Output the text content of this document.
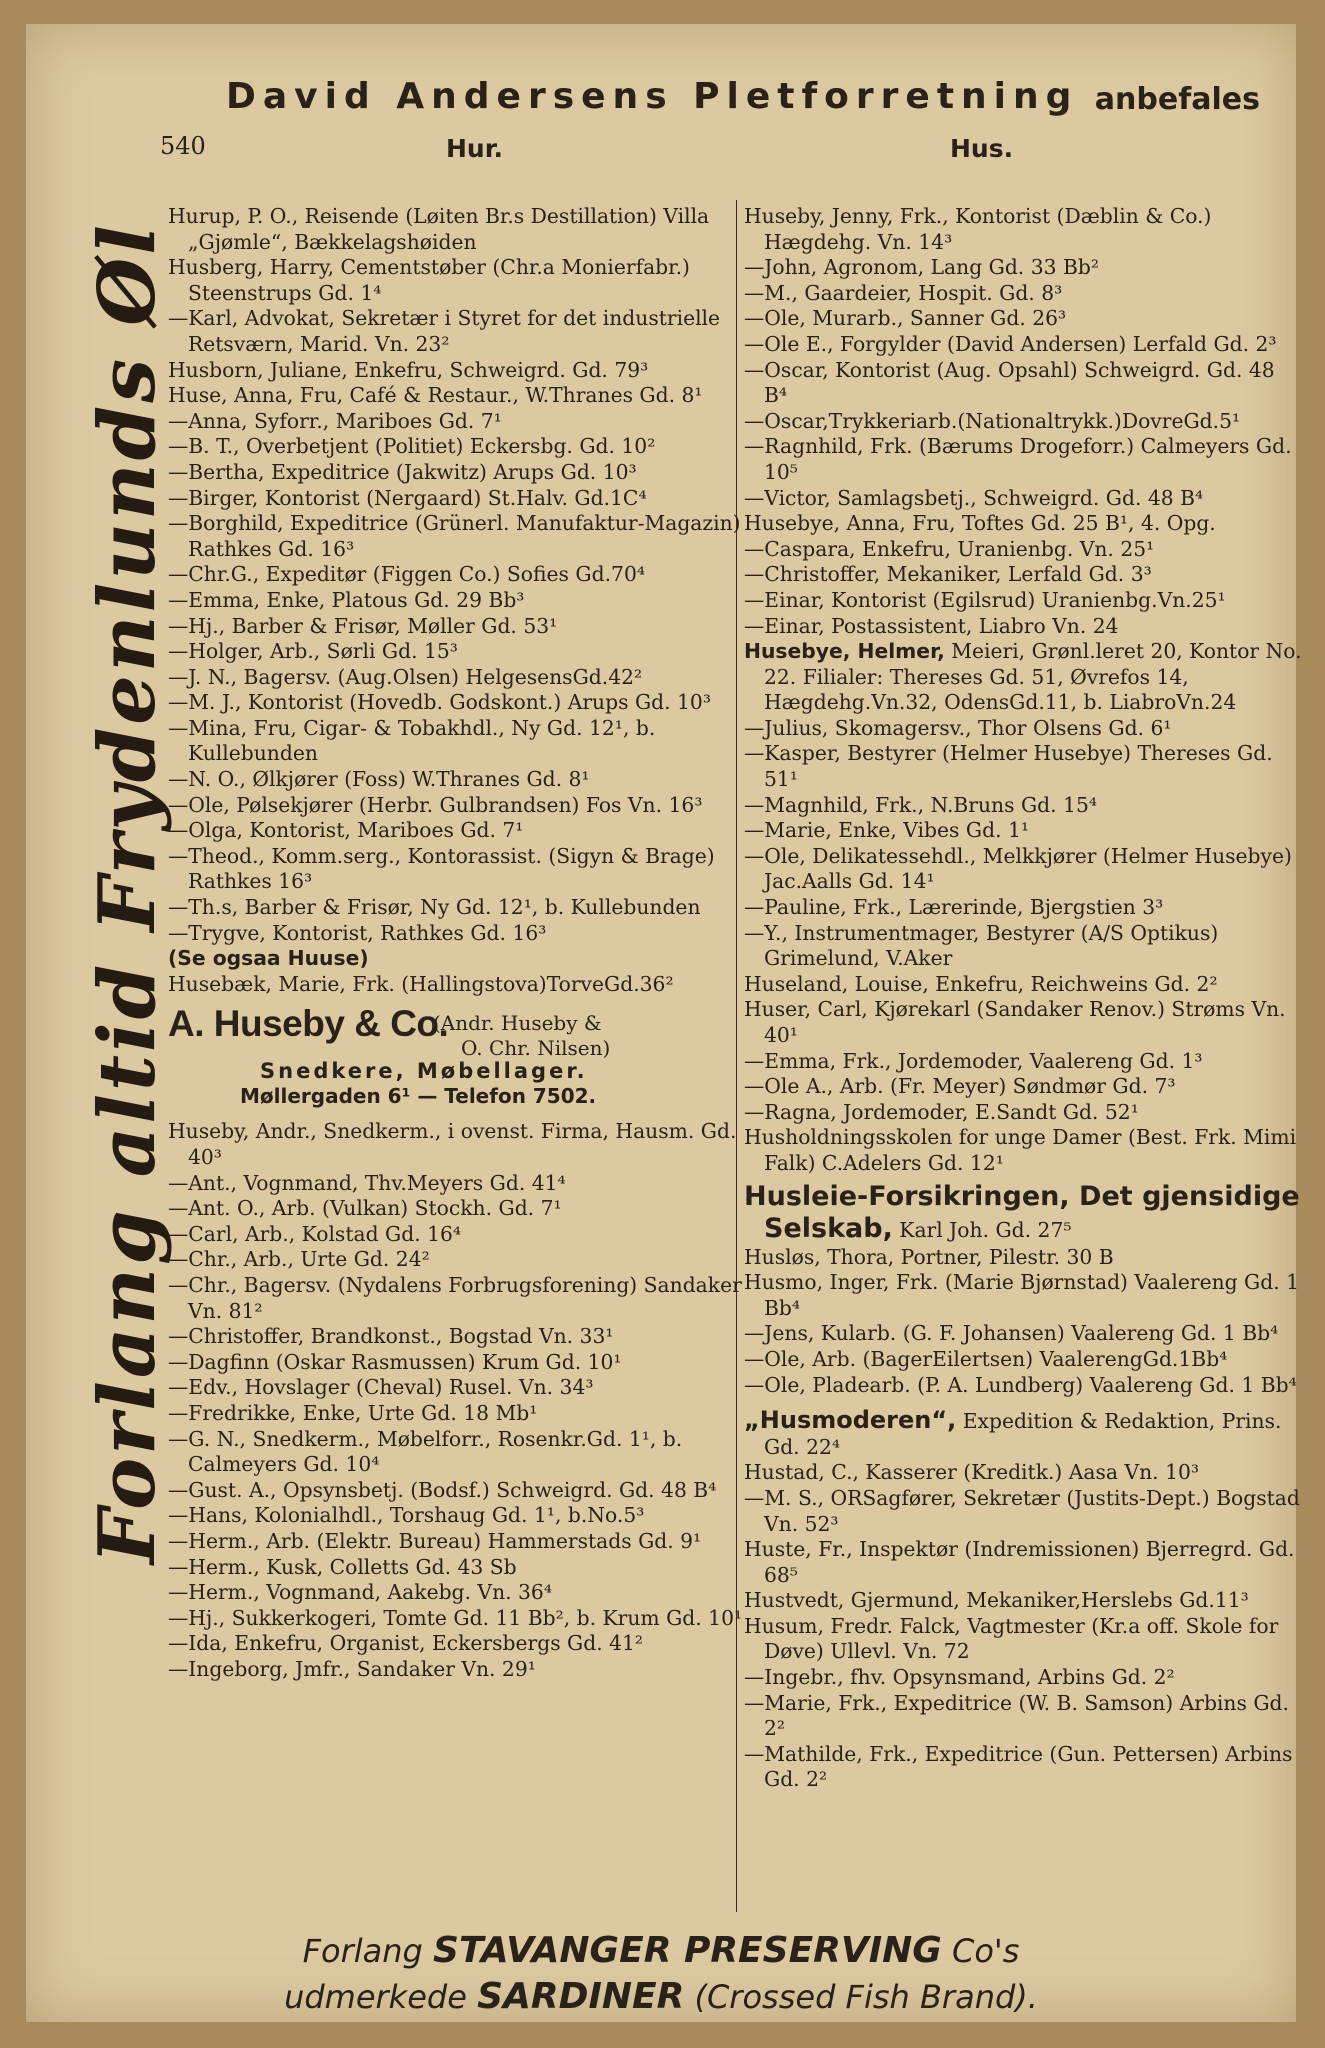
David Andersens Pletforretning anbefales
540	Hur.	Hus.
Forlang altid Frydenlunds Øl

Hurup, P. O., Reisende (Løiten Br.s Destillation) Villa „Gjømle“, Bækkelagshøiden

Husberg, Harry, Cementstøber (Chr.a Monierfabr.) Steenstrups Gd. 1⁴

—Karl, Advokat, Sekretær i Styret for det industrielle Retsværn, Marid. Vn. 23²

Husborn, Juliane, Enkefru, Schweigrd. Gd. 79³

Huse, Anna, Fru, Café & Restaur., W.Thranes Gd. 8¹

—Anna, Syforr., Mariboes Gd. 7¹

—B. T., Overbetjent (Politiet) Eckersbg. Gd. 10²

—Bertha, Expeditrice (Jakwitz) Arups Gd. 10³

—Birger, Kontorist (Nergaard) St.Halv. Gd.1C⁴

—Borghild, Expeditrice (Grünerl. Manufaktur-Magazin) Rathkes Gd. 16³

—Chr.G., Expeditør (Figgen Co.) Sofies Gd.70⁴

—Emma, Enke, Platous Gd. 29 Bb³

—Hj., Barber & Frisør, Møller Gd. 53¹

—Holger, Arb., Sørli Gd. 15³

—J. N., Bagersv. (Aug.Olsen) HelgesensGd.42²

—M. J., Kontorist (Hovedb. Godskont.) Arups Gd. 10³

—Mina, Fru, Cigar- & Tobakhdl., Ny Gd. 12¹, b. Kullebunden

—N. O., Ølkjører (Foss) W.Thranes Gd. 8¹

—Ole, Pølsekjører (Herbr. Gulbrandsen) Fos Vn. 16³

—Olga, Kontorist, Mariboes Gd. 7¹

—Theod., Komm.serg., Kontorassist. (Sigyn & Brage) Rathkes 16³

—Th.s, Barber & Frisør, Ny Gd. 12¹, b. Kullebunden

—Trygve, Kontorist, Rathkes Gd. 16³

(Se ogsaa Huuse)

Husebæk, Marie, Frk. (Hallingstova)TorveGd.36²

A. Huseby & Co.
(Andr. Huseby &
O. Chr. Nilsen)
Snedkere, Møbellager.
Møllergaden 6¹ — Telefon 7502.

Huseby, Andr., Snedkerm., i ovenst. Firma, Hausm. Gd. 40³

—Ant., Vognmand, Thv.Meyers Gd. 41⁴

—Ant. O., Arb. (Vulkan) Stockh. Gd. 7¹

—Carl, Arb., Kolstad Gd. 16⁴

—Chr., Arb., Urte Gd. 24²

—Chr., Bagersv. (Nydalens Forbrugsforening) Sandaker Vn. 81²

—Christoffer, Brandkonst., Bogstad Vn. 33¹

—Dagfinn (Oskar Rasmussen) Krum Gd. 10¹

—Edv., Hovslager (Cheval) Rusel. Vn. 34³

—Fredrikke, Enke, Urte Gd. 18 Mb¹

—G. N., Snedkerm., Møbelforr., Rosenkr.Gd. 1¹, b. Calmeyers Gd. 10⁴

—Gust. A., Opsynsbetj. (Bodsf.) Schweigrd. Gd. 48 B⁴

—Hans, Kolonialhdl., Torshaug Gd. 1¹, b.No.5³

—Herm., Arb. (Elektr. Bureau) Hammerstads Gd. 9¹

—Herm., Kusk, Colletts Gd. 43 Sb

—Herm., Vognmand, Aakebg. Vn. 36⁴

—Hj., Sukkerkogeri, Tomte Gd. 11 Bb², b. Krum Gd. 10¹

—Ida, Enkefru, Organist, Eckersbergs Gd. 41²

—Ingeborg, Jmfr., Sandaker Vn. 29¹

Huseby, Jenny, Frk., Kontorist (Dæblin & Co.) Hægdehg. Vn. 14³

—John, Agronom, Lang Gd. 33 Bb²

—M., Gaardeier, Hospit. Gd. 8³

—Ole, Murarb., Sanner Gd. 26³

—Ole E., Forgylder (David Andersen) Lerfald Gd. 2³

—Oscar, Kontorist (Aug. Opsahl) Schweigrd. Gd. 48 B⁴

—Oscar,Trykkeriarb.(Nationaltrykk.)DovreGd.5¹

—Ragnhild, Frk. (Bærums Drogeforr.) Calmeyers Gd. 10⁵

—Victor, Samlagsbetj., Schweigrd. Gd. 48 B⁴

Husebye, Anna, Fru, Toftes Gd. 25 B¹, 4. Opg.

—Caspara, Enkefru, Uranienbg. Vn. 25¹

—Christoffer, Mekaniker, Lerfald Gd. 3³

—Einar, Kontorist (Egilsrud) Uranienbg.Vn.25¹

—Einar, Postassistent, Liabro Vn. 24

Husebye, Helmer, Meieri, Grønl.leret 20, Kontor No. 22. Filialer: Thereses Gd. 51, Øvrefos 14, Hægdehg.Vn.32, OdensGd.11, b. LiabroVn.24

—Julius, Skomagersv., Thor Olsens Gd. 6¹

—Kasper, Bestyrer (Helmer Husebye) Thereses Gd. 51¹

—Magnhild, Frk., N.Bruns Gd. 15⁴

—Marie, Enke, Vibes Gd. 1¹

—Ole, Delikatessehdl., Melkkjører (Helmer Husebye) Jac.Aalls Gd. 14¹

—Pauline, Frk., Lærerinde, Bjergstien 3³

—Y., Instrumentmager, Bestyrer (A/S Optikus) Grimelund, V.Aker

Huseland, Louise, Enkefru, Reichweins Gd. 2²

Huser, Carl, Kjørekarl (Sandaker Renov.) Strøms Vn. 40¹

—Emma, Frk., Jordemoder, Vaalereng Gd. 1³

—Ole A., Arb. (Fr. Meyer) Søndmør Gd. 7³

—Ragna, Jordemoder, E.Sandt Gd. 52¹

Husholdningsskolen for unge Damer (Best. Frk. Mimi Falk) C.Adelers Gd. 12¹

Husleie-Forsikringen, Det gjensidige Selskab, Karl Joh. Gd. 27⁵

Husløs, Thora, Portner, Pilestr. 30 B

Husmo, Inger, Frk. (Marie Bjørnstad) Vaalereng Gd. 1 Bb⁴

—Jens, Kularb. (G. F. Johansen) Vaalereng Gd. 1 Bb⁴

—Ole, Arb. (BagerEilertsen) VaalerengGd.1Bb⁴

—Ole, Pladearb. (P. A. Lundberg) Vaalereng Gd. 1 Bb⁴

„Husmoderen“, Expedition & Redaktion, Prins. Gd. 22⁴

Hustad, C., Kasserer (Kreditk.) Aasa Vn. 10³

—M. S., ORSagfører, Sekretær (Justits-Dept.) Bogstad Vn. 52³

Huste, Fr., Inspektør (Indremissionen) Bjerregrd. Gd. 68⁵

Hustvedt, Gjermund, Mekaniker,Herslebs Gd.11³

Husum, Fredr. Falck, Vagtmester (Kr.a off. Skole for Døve) Ullevl. Vn. 72

—Ingebr., fhv. Opsynsmand, Arbins Gd. 2²

—Marie, Frk., Expeditrice (W. B. Samson) Arbins Gd. 2²

—Mathilde, Frk., Expeditrice (Gun. Pettersen) Arbins Gd. 2²

Forlang STAVANGER PRESERVING Co's
udmerkede SARDINER (Crossed Fish Brand).
